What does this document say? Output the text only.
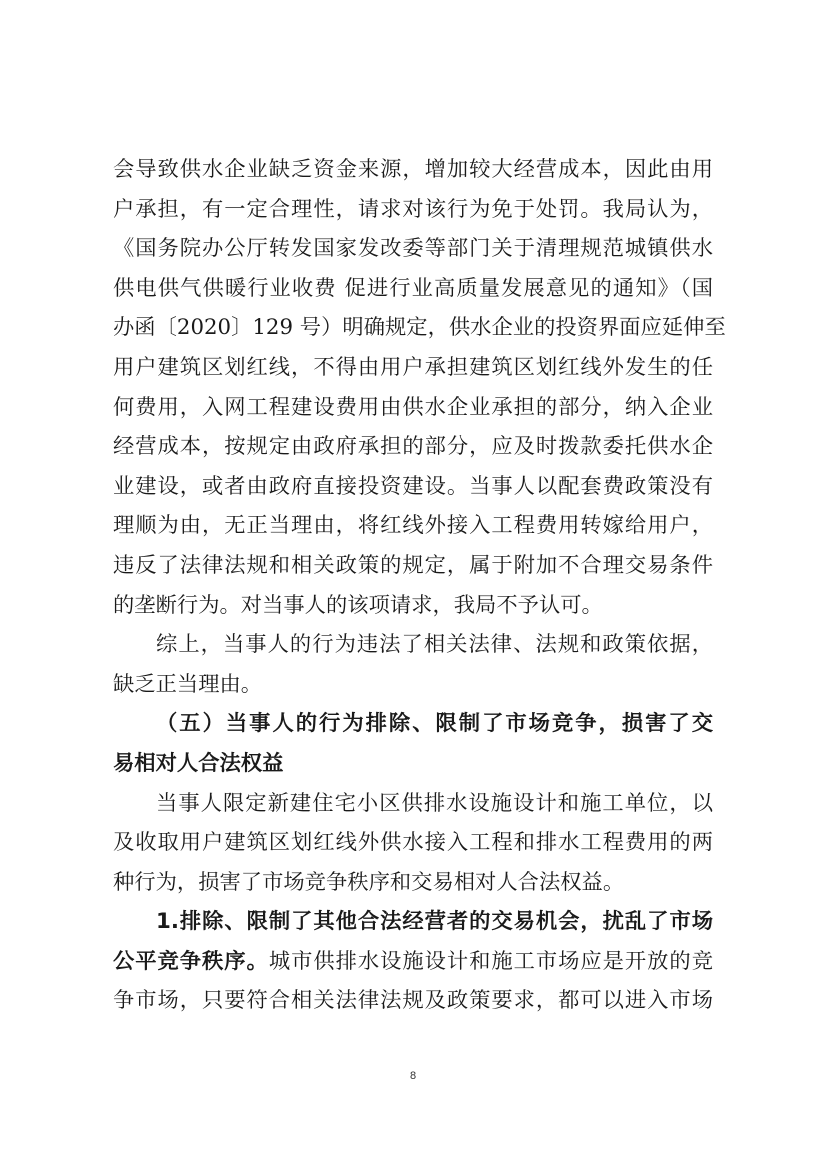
会导致供水企业缺乏资金来源，增加较大经营成本，因此由用
户承担，有一定合理性，请求对该行为免于处罚。我局认为，
《国务院办公厅转发国家发改委等部门关于清理规范城镇供水
供电供气供暖行业收费 促进行业高质量发展意见的通知》（国
办函〔2020〕129 号）明确规定，供水企业的投资界面应延伸至
用户建筑区划红线，不得由用户承担建筑区划红线外发生的任
何费用，入网工程建设费用由供水企业承担的部分，纳入企业
经营成本，按规定由政府承担的部分，应及时拨款委托供水企
业建设，或者由政府直接投资建设。当事人以配套费政策没有
理顺为由，无正当理由，将红线外接入工程费用转嫁给用户，
违反了法律法规和相关政策的规定，属于附加不合理交易条件
的垄断行为。对当事人的该项请求，我局不予认可。
综上，当事人的行为违法了相关法律、法规和政策依据，
缺乏正当理由。
（五）当事人的行为排除、限制了市场竞争，损害了交
易相对人合法权益
当事人限定新建住宅小区供排水设施设计和施工单位，以
及收取用户建筑区划红线外供水接入工程和排水工程费用的两
种行为，损害了市场竞争秩序和交易相对人合法权益。
1.排除、限制了其他合法经营者的交易机会，扰乱了市场
公平竞争秩序。城市供排水设施设计和施工市场应是开放的竞
争市场，只要符合相关法律法规及政策要求，都可以进入市场
8
